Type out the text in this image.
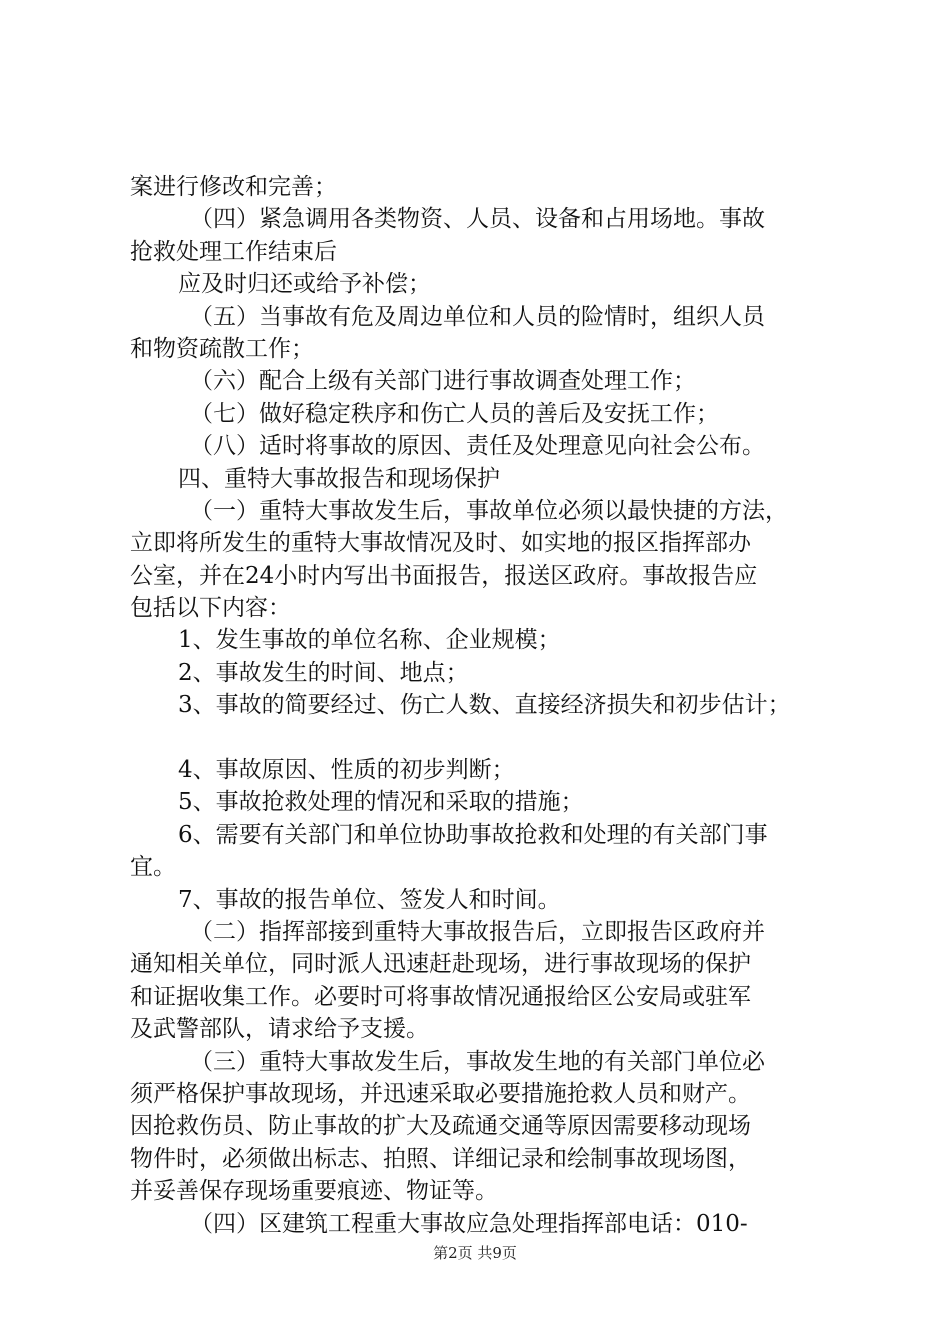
案进行修改和完善；
（四）紧急调用各类物资、人员、设备和占用场地。事故
抢救处理工作结束后
应及时归还或给予补偿；
（五）当事故有危及周边单位和人员的险情时，组织人员
和物资疏散工作；
（六）配合上级有关部门进行事故调查处理工作；
（七）做好稳定秩序和伤亡人员的善后及安抚工作；
（八）适时将事故的原因、责任及处理意见向社会公布。
四、重特大事故报告和现场保护
（一）重特大事故发生后，事故单位必须以最快捷的方法，
立即将所发生的重特大事故情况及时、如实地的报区指挥部办
公室，并在24小时内写出书面报告，报送区政府。事故报告应
包括以下内容：
1、发生事故的单位名称、企业规模；
2、事故发生的时间、地点；
3、事故的简要经过、伤亡人数、直接经济损失和初步估计；
4、事故原因、性质的初步判断；
5、事故抢救处理的情况和采取的措施；
6、需要有关部门和单位协助事故抢救和处理的有关部门事
宜。
7、事故的报告单位、签发人和时间。
（二）指挥部接到重特大事故报告后，立即报告区政府并
通知相关单位，同时派人迅速赶赴现场，进行事故现场的保护
和证据收集工作。必要时可将事故情况通报给区公安局或驻军
及武警部队，请求给予支援。
（三）重特大事故发生后，事故发生地的有关部门单位必
须严格保护事故现场，并迅速采取必要措施抢救人员和财产。
因抢救伤员、防止事故的扩大及疏通交通等原因需要移动现场
物件时，必须做出标志、拍照、详细记录和绘制事故现场图，
并妥善保存现场重要痕迹、物证等。
（四）区建筑工程重大事故应急处理指挥部电话：010-
第2页 共9页
